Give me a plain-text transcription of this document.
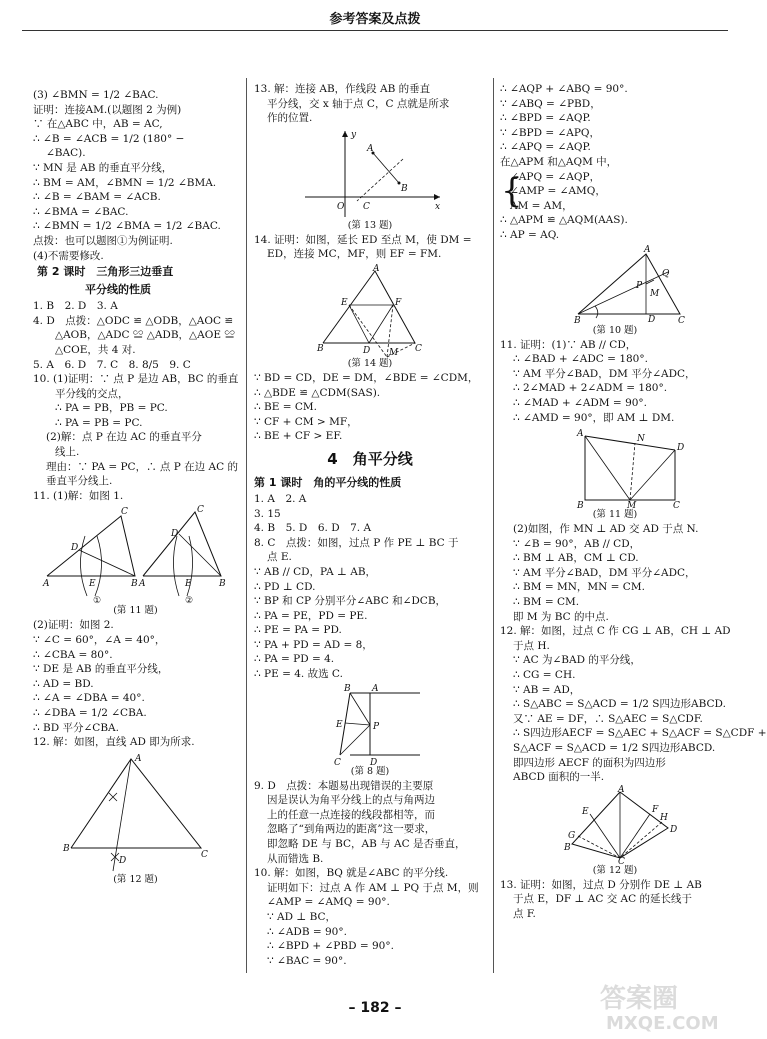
参考答案及点拨
(3) ∠BMN = 1/2 ∠BAC.
证明：连接AM.(以题图 2 为例)
∵ 在△ABC 中，AB = AC,
∴ ∠B = ∠ACB = 1/2 (180° −
∠BAC).
∵ MN 是 AB 的垂直平分线，
∴ BM = AM，∠BMN = 1/2 ∠BMA.
∴ ∠B = ∠BAM = ∠ACB.
∴ ∠BMA = ∠BAC.
∴ ∠BMN = 1/2 ∠BMA = 1/2 ∠BAC.
点拨：也可以题图①为例证明.
(4)不需要修改.
第 2 课时　三角形三边垂直
平分线的性质
1. B　2. D　3. A
4. D　点拨：△ODC ≌ △ODB，△AOC ≌
△AOB，△ADC ≌ △ADB，△AOE ≌
△COE，共 4 对.
5. A　6. D　7. C　8. 8/5　9. C
10. (1)证明：∵ 点 P 是边 AB，BC 的垂直
平分线的交点，
∴ PA = PB，PB = PC.
∴ PA = PB = PC.
(2)解：点 P 在边 AC 的垂直平分
线上.
理由：∵ PA = PC，∴ 点 P 在边 AC 的
垂直平分线上.
11. (1)解：如图 1.
D
C
A	B
E
D
C
A	B
E
①	②
(第 11 题)
(2)证明：如图 2.
∵ ∠C = 60°，∠A = 40°，
∴ ∠CBA = 80°.
∵ DE 是 AB 的垂直平分线，
∴ AD = BD.
∴ ∠A = ∠DBA = 40°.
∴ ∠DBA = 1/2 ∠CBA.
∴ BD 平分∠CBA.
12. 解：如图，直线 AD 即为所求.
A
B
C
D
(第 12 题)
13. 解：连接 AB，作线段 AB 的垂直
平分线，交 x 轴于点 C，C 点就是所求
作的位置.
y
x
O
A
B
C
(第 13 题)
14. 证明：如图，延长 ED 至点 M，使 DM =
ED，连接 MC，MF，则 EF = FM.
E	F
B	C
D M
A
(第 14 题)
∵ BD = CD，DE = DM，∠BDE = ∠CDM，
∴ △BDE ≌ △CDM(SAS).
∴ BE = CM.
∵ CF + CM > MF，
∴ BE + CF > EF.
4　角平分线
第 1 课时　角的平分线的性质
1. A　2. A
3. 15
4. B　5. D　6. D　7. A
8. C　点拨：如图，过点 P 作 PE ⊥ BC 于
点 E.
∵ AB // CD，PA ⊥ AB，
∴ PD ⊥ CD.
∵ BP 和 CP 分别平分∠ABC 和∠DCB，
∴ PA = PE，PD = PE.
∴ PE = PA = PD.
∵ PA + PD = AD = 8，
∴ PA = PD = 4.
∴ PE = 4. 故选 C.
B A
E	P
C	D
(第 8 题)
9. D　点拨：本题易出现错误的主要原
因是误认为角平分线上的点与角两边
上的任意一点连接的线段都相等，而
忽略了“到角两边的距离”这一要求，
即忽略 DE 与 BC，AB 与 AC 是否垂直，
从而错选 B.
10. 解：如图，BQ 就是∠ABC 的平分线.
证明如下：过点 A 作 AM ⊥ PQ 于点 M，则
∠AMP = ∠AMQ = 90°.
∵ AD ⊥ BC，
∴ ∠ADB = 90°.
∴ ∠BPD + ∠PBD = 90°.
∵ ∠BAC = 90°.
∴ ∠AQP + ∠ABQ = 90°.
∵ ∠ABQ = ∠PBD，
∴ ∠BPD = ∠AQP.
∵ ∠BPD = ∠APQ，
∴ ∠APQ = ∠AQP.
在△APM 和△AQM 中，
{
∠APQ = ∠AQP，
∠AMP = ∠AMQ，
AM = AM，
∴ △APM ≌ △AQM(AAS).
∴ AP = AQ.
A
B	C
D
P
Q
M
(第 10 题)
11. 证明：(1)∵ AB // CD，
∴ ∠BAD + ∠ADC = 180°.
∵ AM 平分∠BAD，DM 平分∠ADC，
∴ 2∠MAD + 2∠ADM = 180°.
∴ ∠MAD + ∠ADM = 90°.
∴ ∠AMD = 90°，即 AM ⊥ DM.
A	N
D
B	M	C
(第 11 题)
(2)如图，作 MN ⊥ AD 交 AD 于点 N.
∵ ∠B = 90°，AB // CD，
∴ BM ⊥ AB，CM ⊥ CD.
∵ AM 平分∠BAD，DM 平分∠ADC，
∴ BM = MN，MN = CM.
∴ BM = CM.
即 M 为 BC 的中点.
12. 解：如图，过点 C 作 CG ⊥ AB，CH ⊥ AD
于点 H.
∵ AC 为∠BAD 的平分线，
∴ CG = CH.
∵ AB = AD，
∴ S△ABC = S△ACD = 1/2 S四边形ABCD.
又∵ AE = DF，∴ S△AEC = S△CDF.
∴ S四边形AECF = S△AEC + S△ACF = S△CDF +
S△ACF = S△ACD = 1/2 S四边形ABCD.
即四边形 AECF 的面积为四边形
ABCD 面积的一半.
A
E	F
G
H
B
D
C
(第 12 题)
13. 证明：如图，过点 D 分别作 DE ⊥ AB
于点 E，DF ⊥ AC 交 AC 的延长线于
点 F.
– 182 –	答案圈
MXQE.COM
